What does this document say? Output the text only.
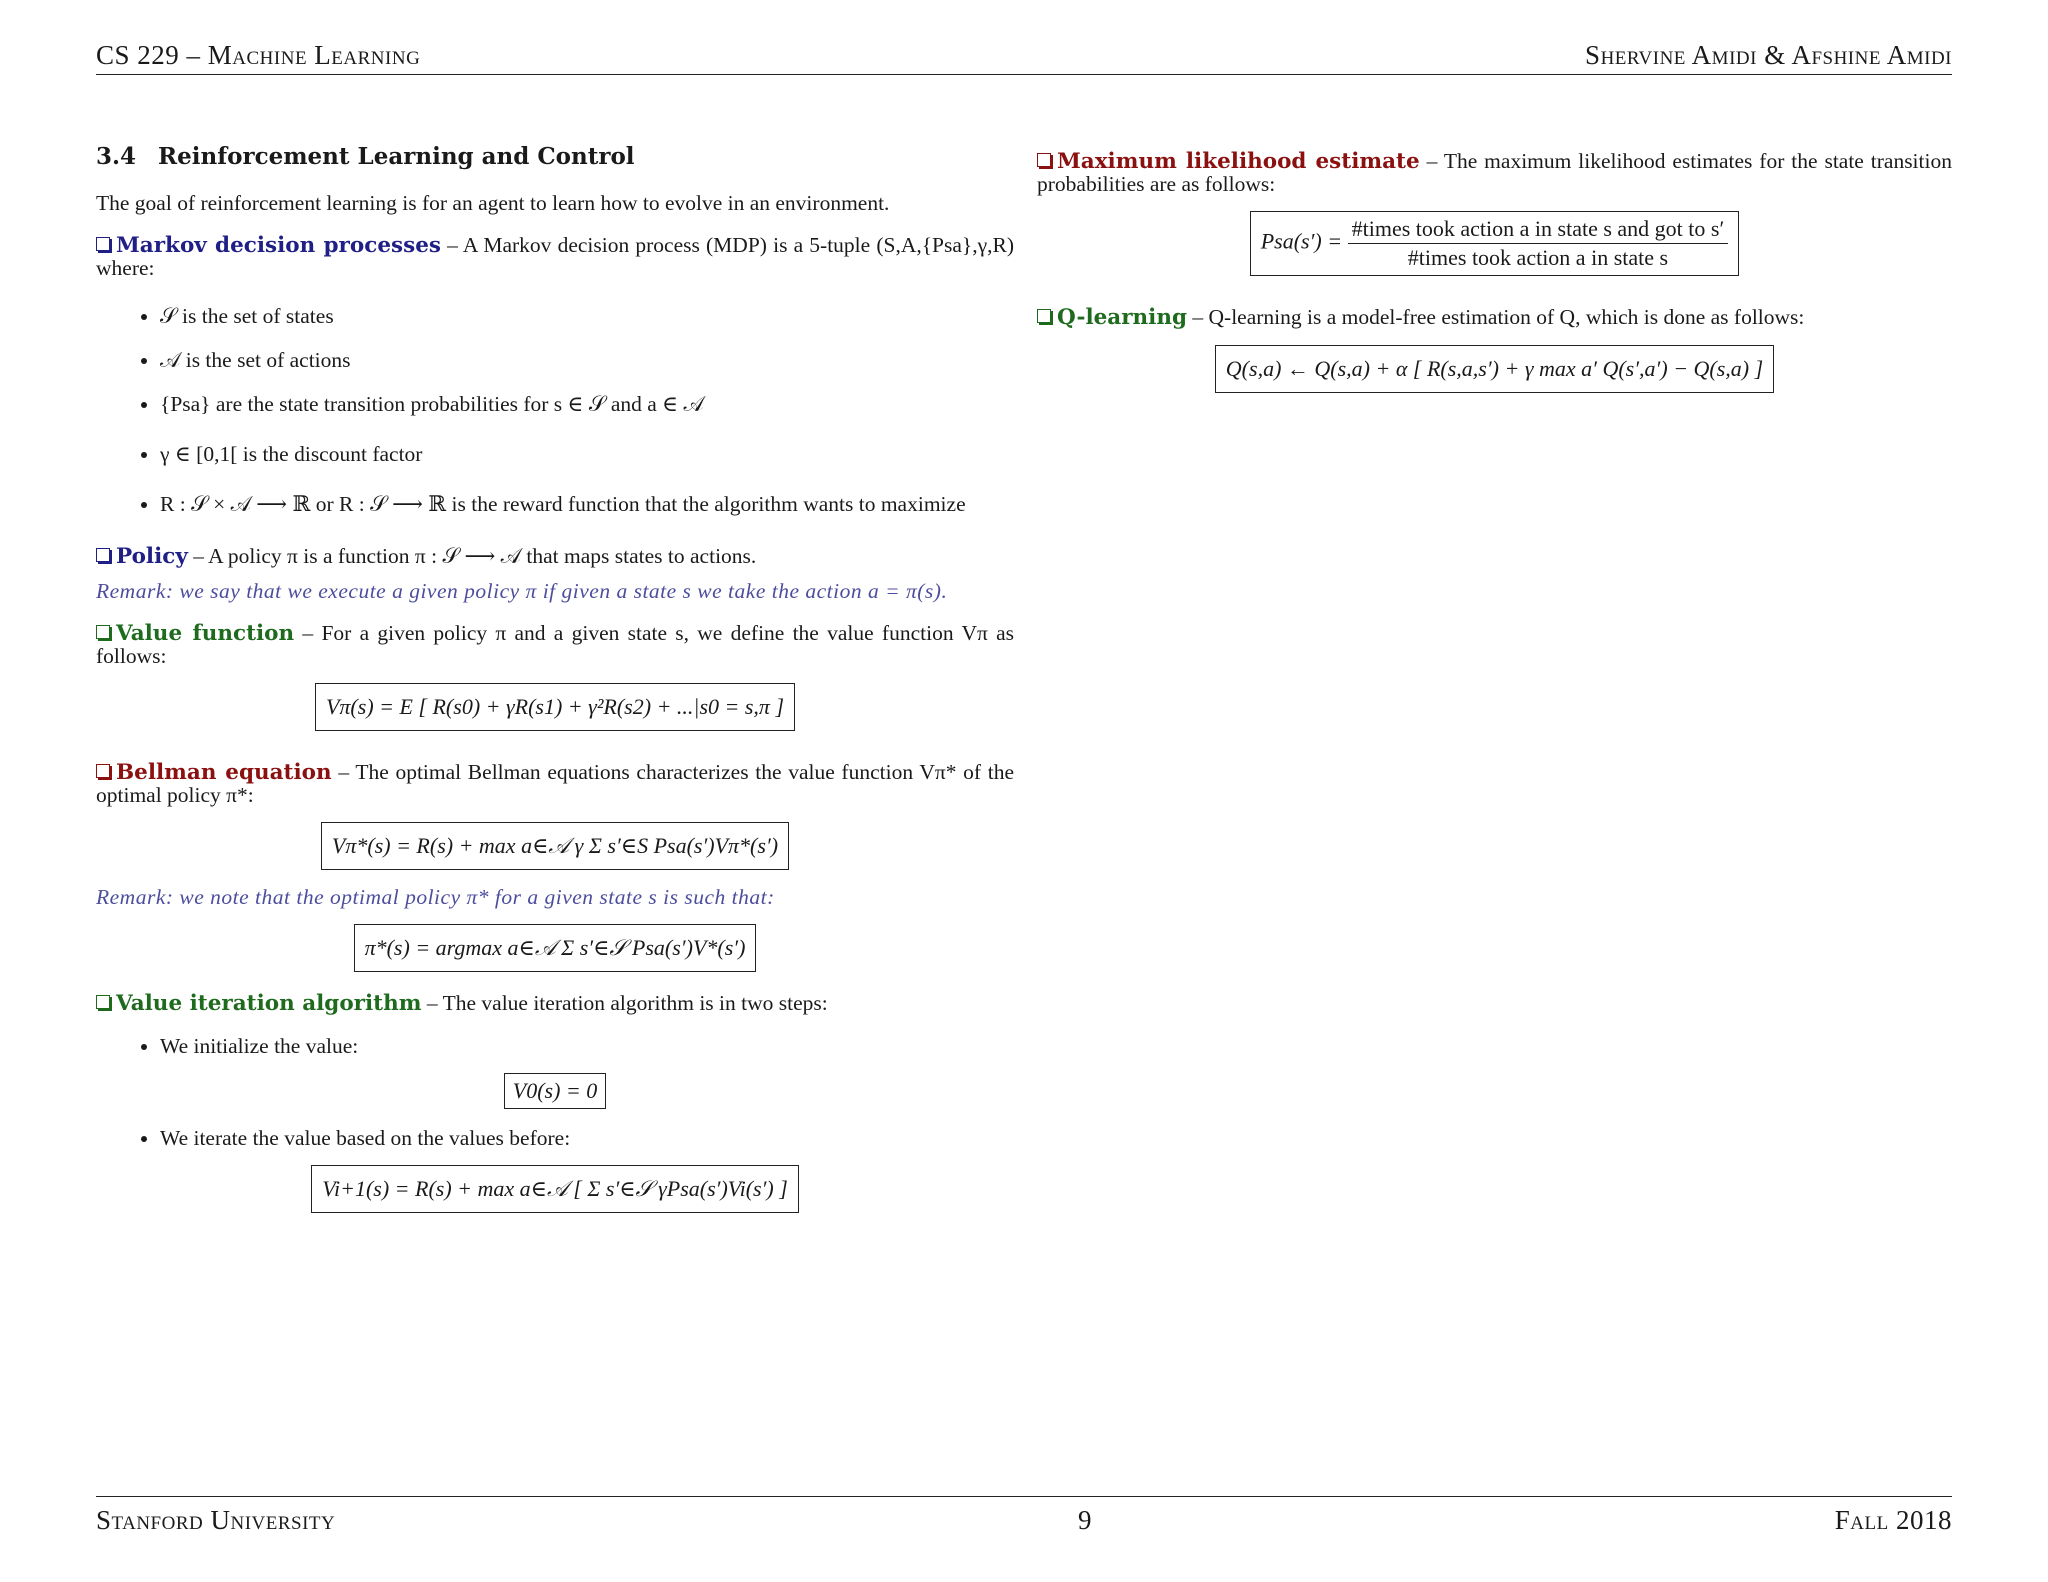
CS 229 – Machine Learning	Shervine Amidi & Afshine Amidi
3.4 Reinforcement Learning and Control

The goal of reinforcement learning is for an agent to learn how to evolve in an environment.

Markov decision processes – A Markov decision process (MDP) is a 5-tuple (S,A,{Psa},γ,R) where:

• 𝒮 is the set of states
• 𝒜 is the set of actions
• {Psa} are the state transition probabilities for s ∈ 𝒮 and a ∈ 𝒜
• γ ∈ [0,1[ is the discount factor
• R : 𝒮 × 𝒜 ⟶ ℝ or R : 𝒮 ⟶ ℝ is the reward function that the algorithm wants to maximize

Policy – A policy π is a function π : 𝒮 ⟶ 𝒜 that maps states to actions.

Remark: we say that we execute a given policy π if given a state s we take the action a = π(s).

Value function – For a given policy π and a given state s, we define the value function Vπ as follows:

Vπ(s) = E [ R(s0) + γR(s1) + γ²R(s2) + ...|s0 = s,π ]

Bellman equation – The optimal Bellman equations characterizes the value function Vπ* of the optimal policy π*:

Vπ*(s) = R(s) + max a∈𝒜 γ Σ s′∈S Psa(s′)Vπ*(s′)

Remark: we note that the optimal policy π* for a given state s is such that:

π*(s) = argmax a∈𝒜 Σ s′∈𝒮 Psa(s′)V*(s′)

Value iteration algorithm – The value iteration algorithm is in two steps:

• We initialize the value:
V0(s) = 0
• We iterate the value based on the values before:
Vi+1(s) = R(s) + max a∈𝒜 [ Σ s′∈𝒮 γPsa(s′)Vi(s′) ]

Maximum likelihood estimate – The maximum likelihood estimates for the state transition probabilities are as follows:

$Psa(s') = \frac{\text{\#times took action a in state s and got to s′}}{\text{\#times took action a in state s}}$

Q-learning – Q-learning is a model-free estimation of Q, which is done as follows:

Q(s,a) ← Q(s,a) + α [ R(s,a,s′) + γ max a′ Q(s′,a′) − Q(s,a) ]
Stanford University	9	Fall 2018
